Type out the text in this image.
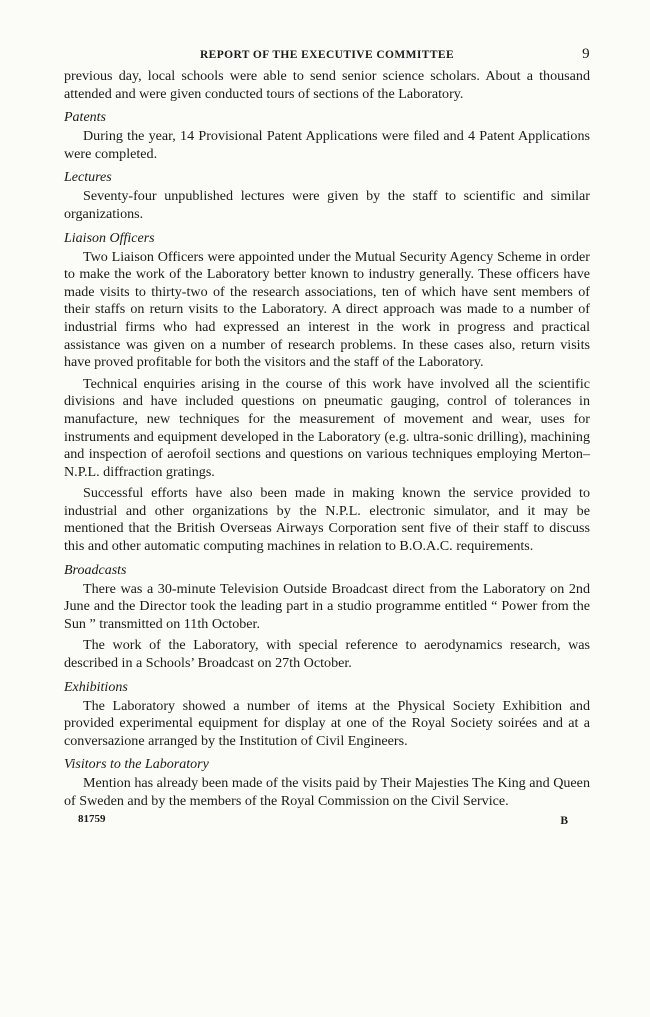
REPORT OF THE EXECUTIVE COMMITTEE	9

previous day, local schools were able to send senior science scholars. About a thousand attended and were given conducted tours of sections of the Laboratory.

Patents

During the year, 14 Provisional Patent Applications were filed and 4 Patent Applications were completed.

Lectures

Seventy-four unpublished lectures were given by the staff to scientific and similar organizations.

Liaison Officers

Two Liaison Officers were appointed under the Mutual Security Agency Scheme in order to make the work of the Laboratory better known to industry generally. These officers have made visits to thirty-two of the research associations, ten of which have sent members of their staffs on return visits to the Laboratory. A direct approach was made to a number of industrial firms who had expressed an interest in the work in progress and practical assistance was given on a number of research problems. In these cases also, return visits have proved profitable for both the visitors and the staff of the Laboratory.

Technical enquiries arising in the course of this work have involved all the scientific divisions and have included questions on pneumatic gauging, control of tolerances in manufacture, new techniques for the measurement of movement and wear, uses for instruments and equipment developed in the Laboratory (e.g. ultra-sonic drilling), machining and inspection of aerofoil sections and questions on various techniques employing Merton–N.P.L. diffraction gratings.

Successful efforts have also been made in making known the service provided to industrial and other organizations by the N.P.L. electronic simulator, and it may be mentioned that the British Overseas Airways Corporation sent five of their staff to discuss this and other automatic computing machines in relation to B.O.A.C. requirements.

Broadcasts

There was a 30-minute Television Outside Broadcast direct from the Laboratory on 2nd June and the Director took the leading part in a studio programme entitled “ Power from the Sun ” transmitted on 11th October.

The work of the Laboratory, with special reference to aerodynamics research, was described in a Schools’ Broadcast on 27th October.

Exhibitions

The Laboratory showed a number of items at the Physical Society Exhibition and provided experimental equipment for display at one of the Royal Society soirées and at a conversazione arranged by the Institution of Civil Engineers.

Visitors to the Laboratory

Mention has already been made of the visits paid by Their Majesties The King and Queen of Sweden and by the members of the Royal Commission on the Civil Service.

81759	B
